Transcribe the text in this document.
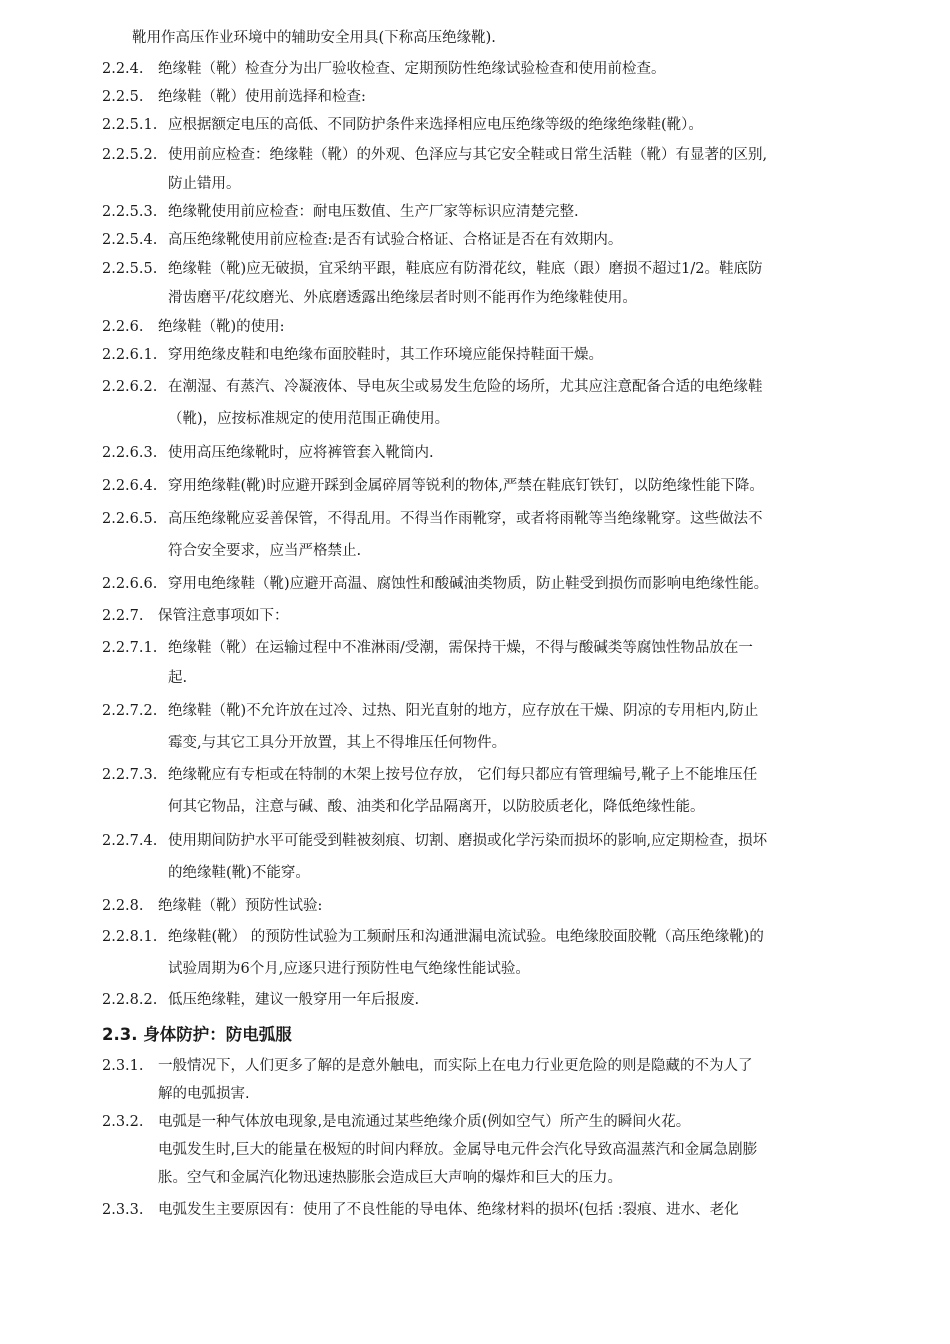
靴用作高压作业环境中的辅助安全用具(下称高压绝缘靴).
2.2.4. 绝缘鞋（靴）检查分为出厂验收检查、定期预防性绝缘试验检查和使用前检查。
2.2.5. 绝缘鞋（靴）使用前选择和检查:
2.2.5.1. 应根据额定电压的高低、不同防护条件来选择相应电压绝缘等级的绝缘绝缘鞋(靴）。
2.2.5.2. 使用前应检查：绝缘鞋（靴）的外观、色泽应与其它安全鞋或日常生活鞋（靴）有显著的区别,
防止错用。
2.2.5.3. 绝缘靴使用前应检查：耐电压数值、生产厂家等标识应清楚完整.
2.2.5.4. 高压绝缘靴使用前应检查:是否有试验合格证、合格证是否在有效期内。
2.2.5.5. 绝缘鞋（靴)应无破损，宜采纳平跟，鞋底应有防滑花纹，鞋底（跟）磨损不超过1/2。鞋底防
滑齿磨平/花纹磨光、外底磨透露出绝缘层者时则不能再作为绝缘鞋使用。
2.2.6. 绝缘鞋（靴)的使用:
2.2.6.1. 穿用绝缘皮鞋和电绝缘布面胶鞋时，其工作环境应能保持鞋面干燥。
2.2.6.2. 在潮湿、有蒸汽、冷凝液体、导电灰尘或易发生危险的场所，尤其应注意配备合适的电绝缘鞋
（靴)，应按标准规定的使用范围正确使用。
2.2.6.3. 使用高压绝缘靴时，应将裤管套入靴筒内.
2.2.6.4. 穿用绝缘鞋(靴)时应避开踩到金属碎屑等锐利的物体,严禁在鞋底钉铁钉，以防绝缘性能下降。
2.2.6.5. 高压绝缘靴应妥善保管，不得乱用。不得当作雨靴穿，或者将雨靴等当绝缘靴穿。这些做法不
符合安全要求，应当严格禁止.
2.2.6.6. 穿用电绝缘鞋（靴)应避开高温、腐蚀性和酸碱油类物质，防止鞋受到损伤而影响电绝缘性能。
2.2.7. 保管注意事项如下：
2.2.7.1. 绝缘鞋（靴）在运输过程中不准淋雨/受潮，需保持干燥，不得与酸碱类等腐蚀性物品放在一
起.
2.2.7.2. 绝缘鞋（靴)不允许放在过冷、过热、阳光直射的地方，应存放在干燥、阴凉的专用柜内,防止
霉变,与其它工具分开放置，其上不得堆压任何物件。
2.2.7.3. 绝缘靴应有专柜或在特制的木架上按号位存放， 它们每只都应有管理编号,靴子上不能堆压任
何其它物品，注意与碱、酸、油类和化学品隔离开，以防胶质老化，降低绝缘性能。
2.2.7.4. 使用期间防护水平可能受到鞋被刻痕、切割、磨损或化学污染而损坏的影响,应定期检查，损坏
的绝缘鞋(靴)不能穿。
2.2.8. 绝缘鞋（靴）预防性试验:
2.2.8.1. 绝缘鞋(靴） 的预防性试验为工频耐压和沟通泄漏电流试验。电绝缘胶面胶靴（高压绝缘靴)的
试验周期为6个月,应逐只进行预防性电气绝缘性能试验。
2.2.8.2. 低压绝缘鞋，建议一般穿用一年后报废.
2.3. 身体防护：防电弧服
2.3.1. 一般情况下，人们更多了解的是意外触电，而实际上在电力行业更危险的则是隐藏的不为人了
解的电弧损害.
2.3.2. 电弧是一种气体放电现象,是电流通过某些绝缘介质(例如空气）所产生的瞬间火花。
电弧发生时,巨大的能量在极短的时间内释放。金属导电元件会汽化导致高温蒸汽和金属急剧膨
胀。空气和金属汽化物迅速热膨胀会造成巨大声响的爆炸和巨大的压力。
2.3.3. 电弧发生主要原因有：使用了不良性能的导电体、绝缘材料的损坏(包括 :裂痕、进水、老化
